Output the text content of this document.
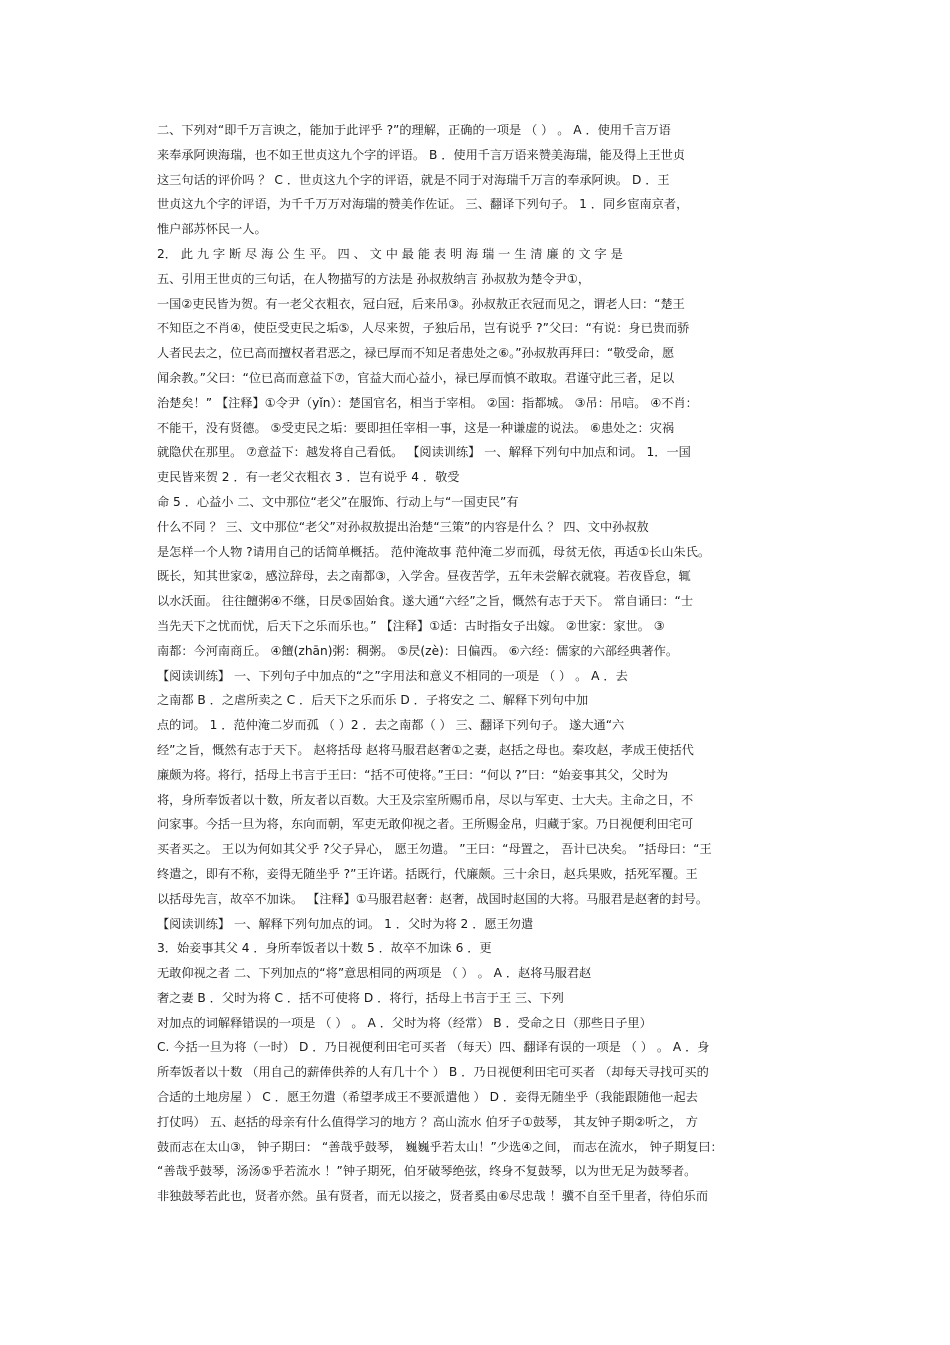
二、下列对“即千万言谀之，能加于此评乎 ?”的理解，正确的一项是 （ ） 。 A ．使用千言万语
来奉承阿谀海瑞，也不如王世贞这九个字的评语。 B ．使用千言万语来赞美海瑞，能及得上王世贞
这三句话的评价吗 ？ C ．世贞这九个字的评语，就是不同于对海瑞千万言的奉承阿谀。 D ．王
世贞这九个字的评语，为千千万万对海瑞的赞美作佐证。 三、翻译下列句子。 1 ．同乡宦南京者，
惟户部苏怀民一人。
2． 此 九 字 断 尽 海 公 生 平。 四 、 文 中 最 能 表 明 海 瑞 一 生 清 廉 的 文 字 是
五、引用王世贞的三句话，在人物描写的方法是 孙叔敖纳言 孙叔敖为楚令尹①，
一国②吏民皆为贺。有一老父衣粗衣，冠白冠，后来吊③。孙叔敖正衣冠而见之，谓老人曰：“楚王
不知臣之不肖④，使臣受吏民之垢⑤，人尽来贺，子独后吊，岂有说乎 ?”父曰：“有说：身已贵而骄
人者民去之，位已高而擅权者君恶之，禄已厚而不知足者患处之⑥。”孙叔敖再拜曰：“敬受命，愿
闻余教。”父曰：“位已高而意益下⑦，官益大而心益小，禄已厚而慎不敢取。君谨守此三者，足以
治楚矣！” 【注释】①令尹（yǐn）：楚国官名，相当于宰相。 ②国：指都城。 ③吊：吊唁。 ④不肖：
不能干，没有贤德。 ⑤受吏民之垢：要即担任宰相一事，这是一种谦虚的说法。 ⑥患处之：灾祸
就隐伏在那里。 ⑦意益下：越发将自己看低。 【阅读训练】 一、解释下列句中加点和词。 1．一国
吏民皆来贺 2 ．有一老父衣粗衣 3 ．岂有说乎 4 ．敬受
命 5 ．心益小 二、文中那位“老父”在服饰、行动上与“一国吏民”有
什么不同 ？ 三、文中那位“老父”对孙叔敖提出治楚“三策”的内容是什么 ？ 四、文中孙叔敖
是怎样一个人物 ?请用自己的话简单概括。 范仲淹故事 范仲淹二岁而孤，母贫无依，再适①长山朱氏。
既长，知其世家②，感泣辞母，去之南都③，入学舍。昼夜苦学，五年未尝解衣就寝。若夜昏怠，辄
以水沃面。 往往饘粥④不继，日昃⑤固始食。遂大通“六经”之旨，慨然有志于天下。 常自诵曰：“士
当先天下之忧而忧，后天下之乐而乐也。” 【注释】①适：古时指女子出嫁。 ②世家：家世。 ③
南都：今河南商丘。 ④饘(zhān)粥：稠粥。 ⑤昃(zè)：日偏西。 ⑥六经：儒家的六部经典著作。
【阅读训练】 一、下列句子中加点的“之”字用法和意义不相同的一项是 （ ） 。 A ．去
之南都 B ．之虐所卖之 C ．后天下之乐而乐 D ．子将安之 二、解释下列句中加
点的词。 1 ．范仲淹二岁而孤 （ ）2 ．去之南都（ ） 三、翻译下列句子。 遂大通“六
经”之旨，慨然有志于天下。 赵将括母 赵将马服君赵奢①之妻，赵括之母也。秦攻赵，孝成王使括代
廉颇为将。将行，括母上书言于王曰：“括不可使将。”王曰：“何以 ?”曰：“始妾事其父，父时为
将，身所奉饭者以十数，所友者以百数。大王及宗室所赐币帛，尽以与军吏、士大夫。主命之日，不
问家事。今括一旦为将，东向而朝，军吏无敢仰视之者。王所赐金帛，归藏于家。乃日视便利田宅可
买者买之。 王以为何如其父乎 ?父子异心， 愿王勿遣。 ”王曰：“母置之， 吾计已决矣。 ”括母曰：“王
终遣之，即有不称，妾得无随坐乎 ?”王许诺。括既行，代廉颇。三十余日，赵兵果败，括死军覆。王
以括母先言，故卒不加诛。 【注释】①马服君赵奢：赵奢，战国时赵国的大将。马服君是赵奢的封号。
【阅读训练】 一、解释下列句加点的词。 1 ．父时为将 2 ．愿王勿遣
3．始妾事其父 4 ．身所奉饭者以十数 5 ．故卒不加诛 6 ．更
无敢仰视之者 二、下列加点的“将”意思相同的两项是 （ ） 。 A ．赵将马服君赵
奢之妻 B ．父时为将 C ．括不可使将 D ．将行，括母上书言于王 三、下列
对加点的词解释错误的一项是 （ ） 。 A ．父时为将（经常） B ．受命之日（那些日子里）
C. 今括一旦为将（一时） D ．乃日视便利田宅可买者 （每天）四、翻译有误的一项是 （ ） 。 A ．身
所奉饭者以十数 （用自己的薪俸供养的人有几十个 ） B ．乃日视便利田宅可买者 （却每天寻找可买的
合适的土地房屋 ） C ．愿王勿遣（希望孝成王不要派遣他 ） D ．妾得无随坐乎（我能跟随他一起去
打仗吗） 五、赵括的母亲有什么值得学习的地方 ？高山流水 伯牙子①鼓琴， 其友钟子期②听之， 方
鼓而志在太山③， 钟子期曰： “善哉乎鼓琴， 巍巍乎若太山！”少选④之间， 而志在流水， 钟子期复曰：
“善哉乎鼓琴，汤汤⑤乎若流水 ！”钟子期死，伯牙破琴绝弦，终身不复鼓琴，以为世无足为鼓琴者。
非独鼓琴若此也，贤者亦然。虽有贤者，而无以接之，贤者奚由⑥尽忠哉 ！骥不自至千里者，待伯乐而
